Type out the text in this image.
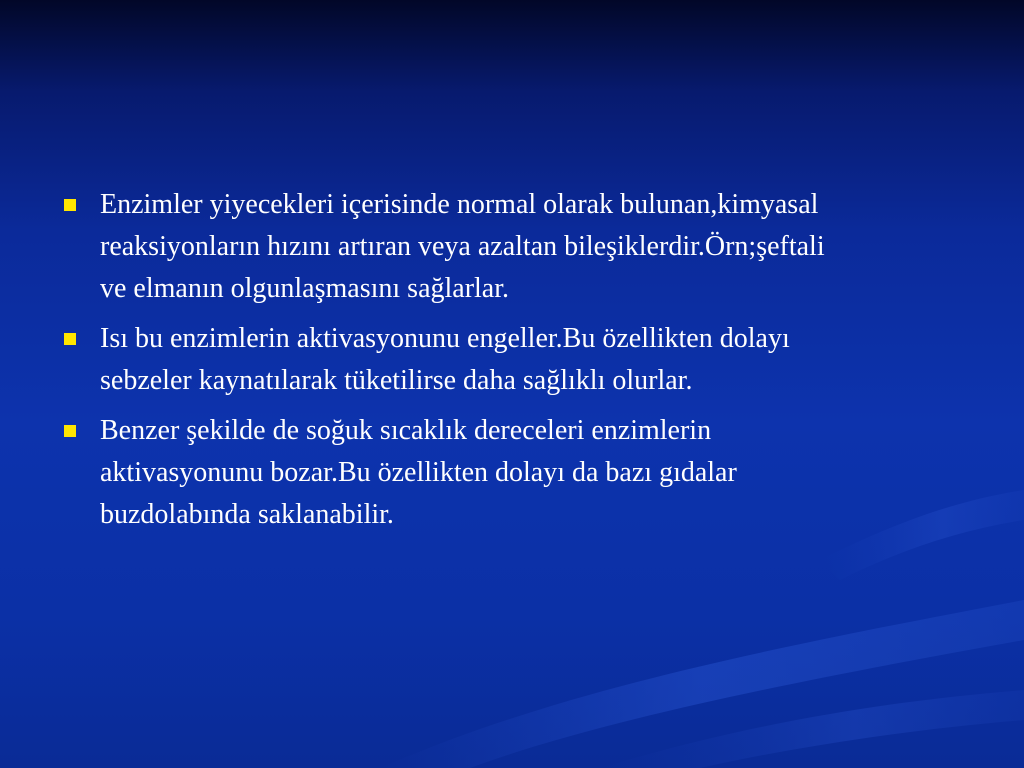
Enzimler yiyecekleri içerisinde normal olarak bulunan,kimyasal
reaksiyonların hızını artıran veya azaltan bileşiklerdir.Örn;şeftali
ve elmanın olgunlaşmasını sağlarlar.
Isı bu enzimlerin aktivasyonunu engeller.Bu özellikten dolayı
sebzeler kaynatılarak tüketilirse daha sağlıklı olurlar.
Benzer şekilde de soğuk sıcaklık dereceleri enzimlerin
aktivasyonunu bozar.Bu özellikten dolayı da bazı gıdalar
buzdolabında saklanabilir.
